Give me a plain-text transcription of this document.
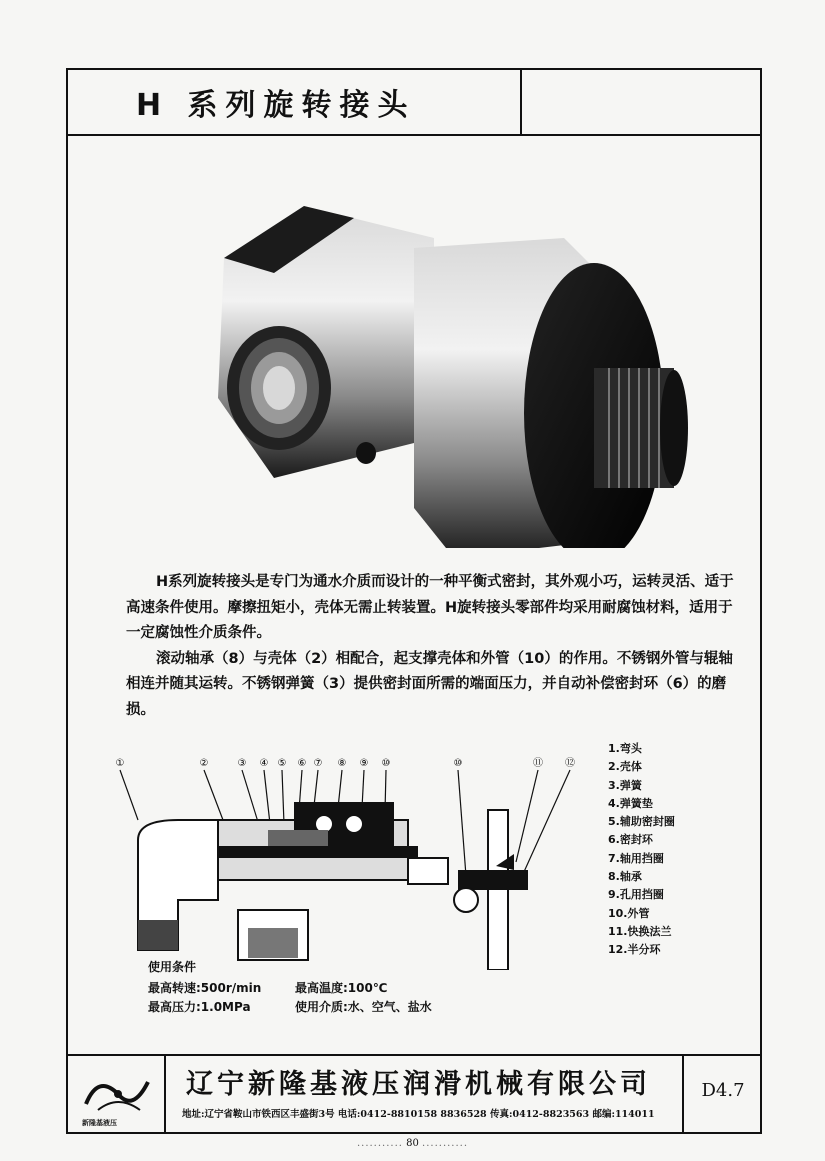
H 系列旋转接头

H系列旋转接头是专门为通水介质而设计的一种平衡式密封，其外观小巧，运转灵活、适于高速条件使用。摩擦扭矩小，壳体无需止转装置。H旋转接头零部件均采用耐腐蚀材料，适用于一定腐蚀性介质条件。

滚动轴承（8）与壳体（2）相配合，起支撑壳体和外管（10）的作用。不锈钢外管与辊轴相连并随其运转。不锈钢弹簧（3）提供密封面所需的端面压力，并自动补偿密封环（6）的磨损。

①	②	③ ④ ⑤ ⑥ ⑦ ⑧ ⑨ ⑩	⑩	⑪ ⑫
1.弯头
2.壳体
3.弹簧
4.弹簧垫
5.辅助密封圈
6.密封环
7.轴用挡圈
8.轴承
9.孔用挡圈
10.外管
11.快换法兰
12.半分环
使用条件
最高转速:500r/min	最高温度:100℃
最高压力:1.0MPa	使用介质:水、空气、盐水
新隆基液压
辽宁新隆基液压润滑机械有限公司
地址:辽宁省鞍山市铁西区丰盛街3号 电话:0412-8810158 8836528 传真:0412-8823563 邮编:114011
D4.7
........... 80 ...........
